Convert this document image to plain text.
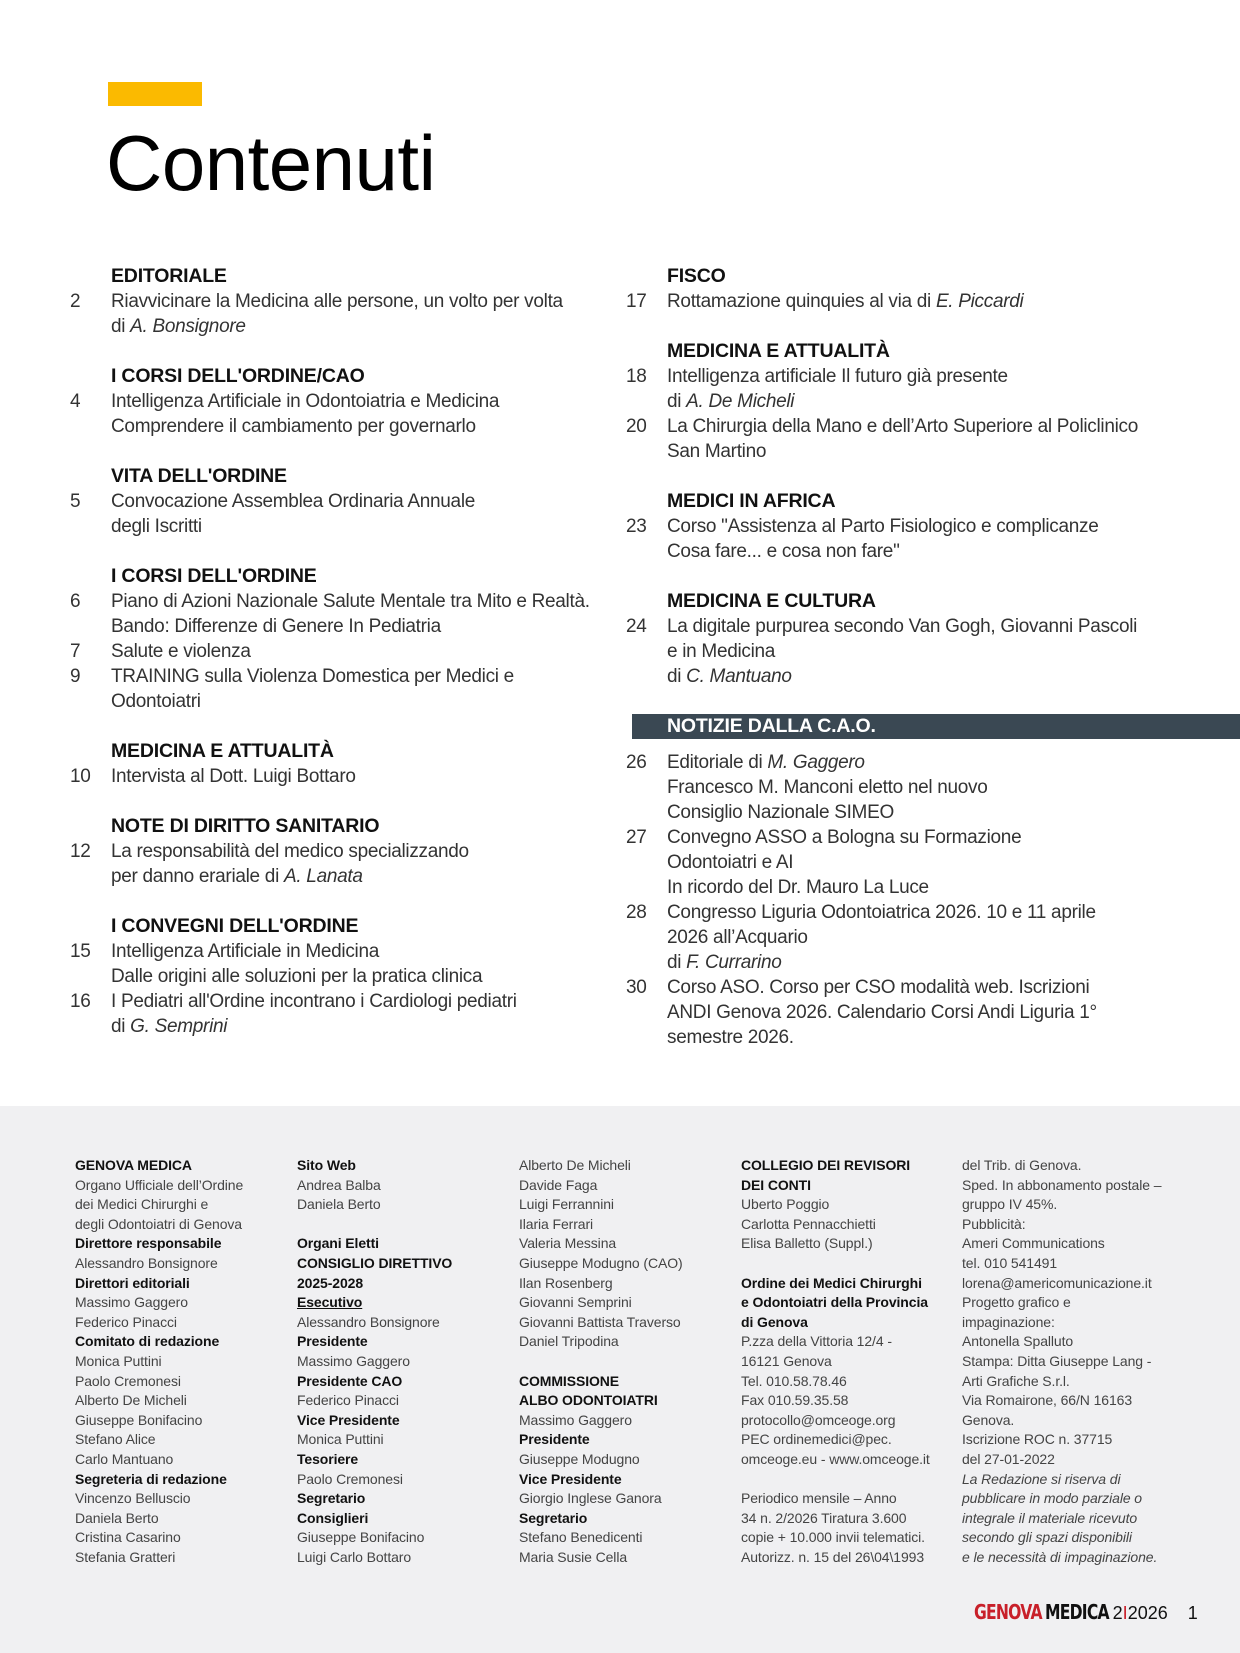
Contenuti
EDITORIALE
2	Riavvicinare la Medicina alle persone, un volto per volta
di A. Bonsignore
I CORSI DELL'ORDINE/CAO
4	Intelligenza Artificiale in Odontoiatria e Medicina
Comprendere il cambiamento per governarlo
VITA DELL'ORDINE
5	Convocazione Assemblea Ordinaria Annuale
degli Iscritti
I CORSI DELL'ORDINE
6	Piano di Azioni Nazionale Salute Mentale tra Mito e Realtà.
Bando: Differenze di Genere In Pediatria
7	Salute e violenza
9	TRAINING sulla Violenza Domestica per Medici e
Odontoiatri
MEDICINA E ATTUALITÀ
10	Intervista al Dott. Luigi Bottaro
NOTE DI DIRITTO SANITARIO
12	La responsabilità del medico specializzando
per danno erariale di A. Lanata
I CONVEGNI DELL'ORDINE
15	Intelligenza Artificiale in Medicina
Dalle origini alle soluzioni per la pratica clinica
16	I Pediatri all'Ordine incontrano i Cardiologi pediatri
di G. Semprini
FISCO
17	Rottamazione quinquies al via di E. Piccardi
MEDICINA E ATTUALITÀ
18	Intelligenza artificiale Il futuro già presente
di A. De Micheli
20	La Chirurgia della Mano e dell’Arto Superiore al Policlinico
San Martino
MEDICI IN AFRICA
23	Corso "Assistenza al Parto Fisiologico e complicanze
Cosa fare... e cosa non fare"
MEDICINA E CULTURA
24	La digitale purpurea secondo Van Gogh, Giovanni Pascoli
e in Medicina
di C. Mantuano
NOTIZIE DALLA C.A.O.
26	Editoriale di M. Gaggero
Francesco M. Manconi eletto nel nuovo
Consiglio Nazionale SIMEO
27	Convegno ASSO a Bologna su Formazione
Odontoiatri e AI
In ricordo del Dr. Mauro La Luce
28	Congresso Liguria Odontoiatrica 2026. 10 e 11 aprile
2026 all’Acquario
di F. Currarino
30	Corso ASO. Corso per CSO modalità web. Iscrizioni
ANDI Genova 2026. Calendario Corsi Andi Liguria 1°
semestre 2026.
GENOVA MEDICA
Organo Ufficiale dell’Ordine
dei Medici Chirurghi e
degli Odontoiatri di Genova
Direttore responsabile
Alessandro Bonsignore
Direttori editoriali
Massimo Gaggero
Federico Pinacci
Comitato di redazione
Monica Puttini
Paolo Cremonesi
Alberto De Micheli
Giuseppe Bonifacino
Stefano Alice
Carlo Mantuano
Segreteria di redazione
Vincenzo Belluscio
Daniela Berto
Cristina Casarino
Stefania Gratteri
Sito Web
Andrea Balba
Daniela Berto
Organi Eletti
CONSIGLIO DIRETTIVO
2025-2028
Esecutivo
Alessandro Bonsignore
Presidente
Massimo Gaggero
Presidente CAO
Federico Pinacci
Vice Presidente
Monica Puttini
Tesoriere
Paolo Cremonesi
Segretario
Consiglieri
Giuseppe Bonifacino
Luigi Carlo Bottaro
Alberto De Micheli
Davide Faga
Luigi Ferrannini
Ilaria Ferrari
Valeria Messina
Giuseppe Modugno (CAO)
Ilan Rosenberg
Giovanni Semprini
Giovanni Battista Traverso
Daniel Tripodina
COMMISSIONE
ALBO ODONTOIATRI
Massimo Gaggero
Presidente
Giuseppe Modugno
Vice Presidente
Giorgio Inglese Ganora
Segretario
Stefano Benedicenti
Maria Susie Cella
COLLEGIO DEI REVISORI
DEI CONTI
Uberto Poggio
Carlotta Pennacchietti
Elisa Balletto (Suppl.)
Ordine dei Medici Chirurghi
e Odontoiatri della Provincia
di Genova
P.zza della Vittoria 12/4 -
16121 Genova
Tel. 010.58.78.46
Fax 010.59.35.58
protocollo@omceoge.org
PEC ordinemedici@pec.
omceoge.eu - www.omceoge.it
Periodico mensile – Anno
34 n. 2/2026 Tiratura 3.600
copie + 10.000 invii telematici.
Autorizz. n. 15 del 26\04\1993
del Trib. di Genova.
Sped. In abbonamento postale –
gruppo IV 45%.
Pubblicità:
Ameri Communications
tel. 010 541491
lorena@americomunicazione.it
Progetto grafico e
impaginazione:
Antonella Spalluto
Stampa: Ditta Giuseppe Lang -
Arti Grafiche S.r.l.
Via Romairone, 66/N 16163
Genova.
Iscrizione ROC n. 37715
del 27-01-2022
La Redazione si riserva di
pubblicare in modo parziale o
integrale il materiale ricevuto
secondo gli spazi disponibili
e le necessità di impaginazione.
GENOVA MEDICA 2I2026 1
